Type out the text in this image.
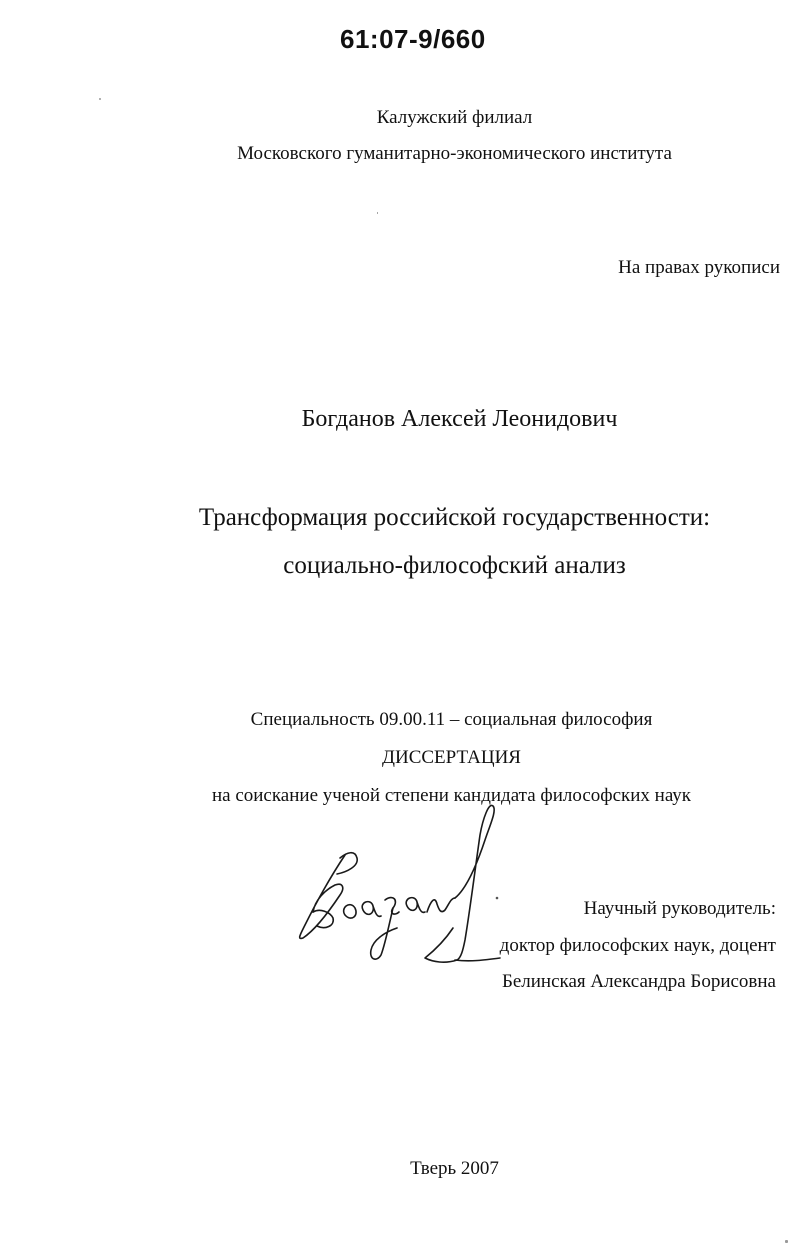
61:07-9/660
Калужский филиал
Московского гуманитарно-экономического института
На правах рукописи
Богданов Алексей Леонидович
Трансформация российской государственности:
социально-философский анализ
Специальность 09.00.11 – социальная философия
ДИССЕРТАЦИЯ
на соискание ученой степени кандидата философских наук
Научный руководитель:
доктор философских наук, доцент
Белинская Александра Борисовна
Тверь 2007
